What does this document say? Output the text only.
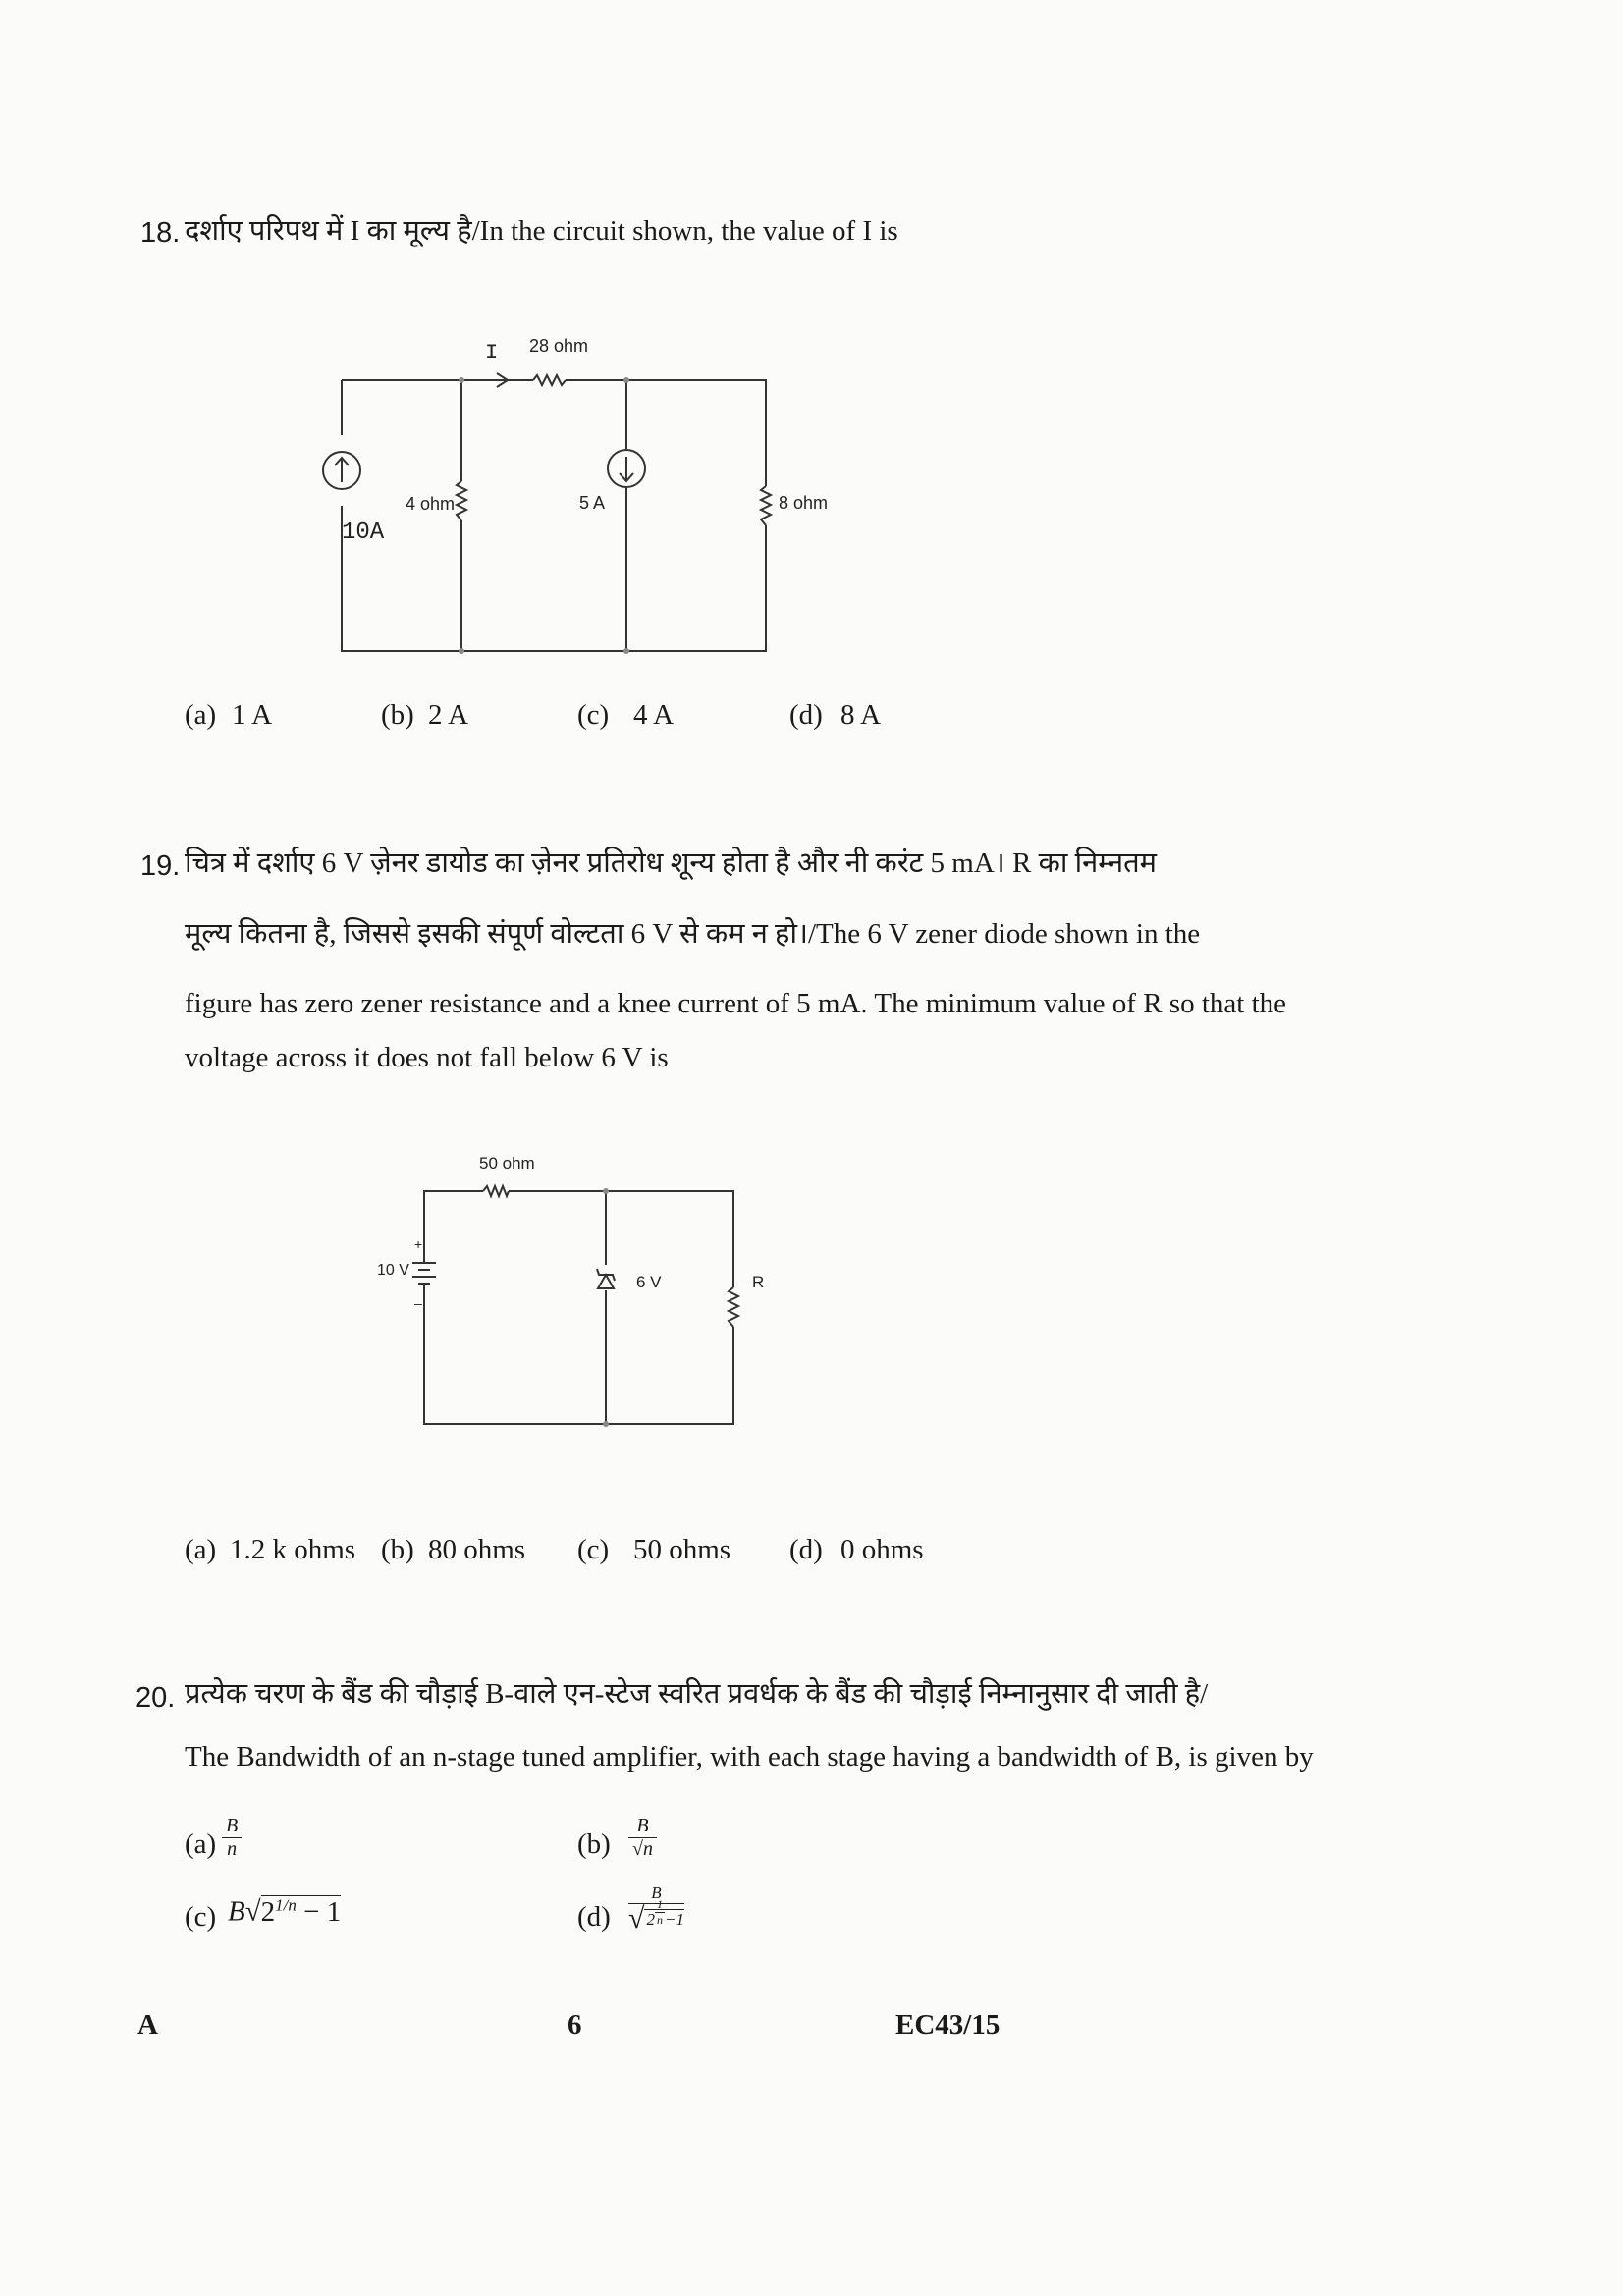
18. दर्शाए परिपथ में I का मूल्य है/In the circuit shown, the value of I is
I 28 ohm
4 ohm
10A
5 A	8 ohm
(a) 1 A	(b) 2 A	(c) 4 A	(d) 8 A
19. चित्र में दर्शाए 6 V ज़ेनर डायोड का ज़ेनर प्रतिरोध शून्य होता है और नी करंट 5 mA। R का निम्नतम
मूल्य कितना है, जिससे इसकी संपूर्ण वोल्टता 6 V से कम न हो।/The 6 V zener diode shown in the
figure has zero zener resistance and a knee current of 5 mA. The minimum value of R so that the
voltage across it does not fall below 6 V is
50 ohm
10 V
+
–
6 V	R
(a) 1.2 k ohms (b) 80 ohms (c) 50 ohms (d) 0 ohms
20. प्रत्येक चरण के बैंड की चौड़ाई B-वाले एन-स्टेज स्वरित प्रवर्धक के बैंड की चौड़ाई निम्नानुसार दी जाती है/
The Bandwidth of an n-stage tuned amplifier, with each stage having a bandwidth of B, is given by
$(a) \frac{B}{n}$	$(b) \frac{B}{√n}$
(c) $B√2^{1/n} - 1$	(d)
B
√ $2 \frac{1}{n} -1$
A	6	EC43/15
